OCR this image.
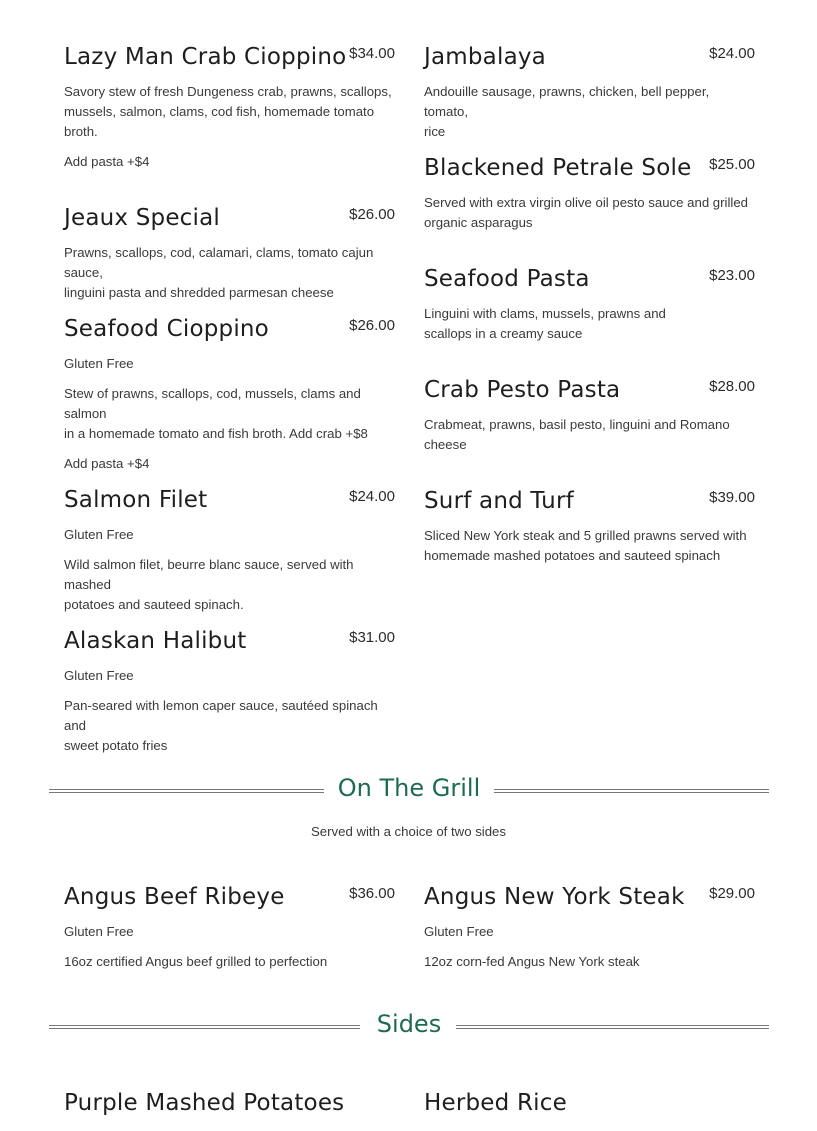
Lazy Man Crab Cioppino $34.00

Savory stew of fresh Dungeness crab, prawns, scallops,

mussels, salmon, clams, cod fish, homemade tomato

broth.

Add pasta +$4

Jeaux Special	$26.00

Prawns, scallops, cod, calamari, clams, tomato cajun sauce,

linguini pasta and shredded parmesan cheese

Seafood Cioppino	$26.00

Gluten Free

Stew of prawns, scallops, cod, mussels, clams and salmon

in a homemade tomato and fish broth. Add crab +$8

Add pasta +$4

Salmon Filet	$24.00

Gluten Free

Wild salmon filet, beurre blanc sauce, served with mashed

potatoes and sauteed spinach.

Alaskan Halibut	$31.00

Gluten Free

Pan-seared with lemon caper sauce, sautéed spinach and

sweet potato fries

Jambalaya	$24.00

Andouille sausage, prawns, chicken, bell pepper, tomato,

rice

Blackened Petrale Sole $25.00

Served with extra virgin olive oil pesto sauce and grilled

organic asparagus

Seafood Pasta	$23.00

Linguini with clams, mussels, prawns and

scallops in a creamy sauce

Crab Pesto Pasta	$28.00

Crabmeat, prawns, basil pesto, linguini and Romano

cheese

Surf and Turf	$39.00

Sliced New York steak and 5 grilled prawns served with

homemade mashed potatoes and sauteed spinach

On The Grill
Served with a choice of two sides
Angus Beef Ribeye	$36.00

Gluten Free

16oz certified Angus beef grilled to perfection

Angus New York Steak $29.00

Gluten Free

12oz corn-fed Angus New York steak

Sides
Purple Mashed Potatoes	Herbed Rice
